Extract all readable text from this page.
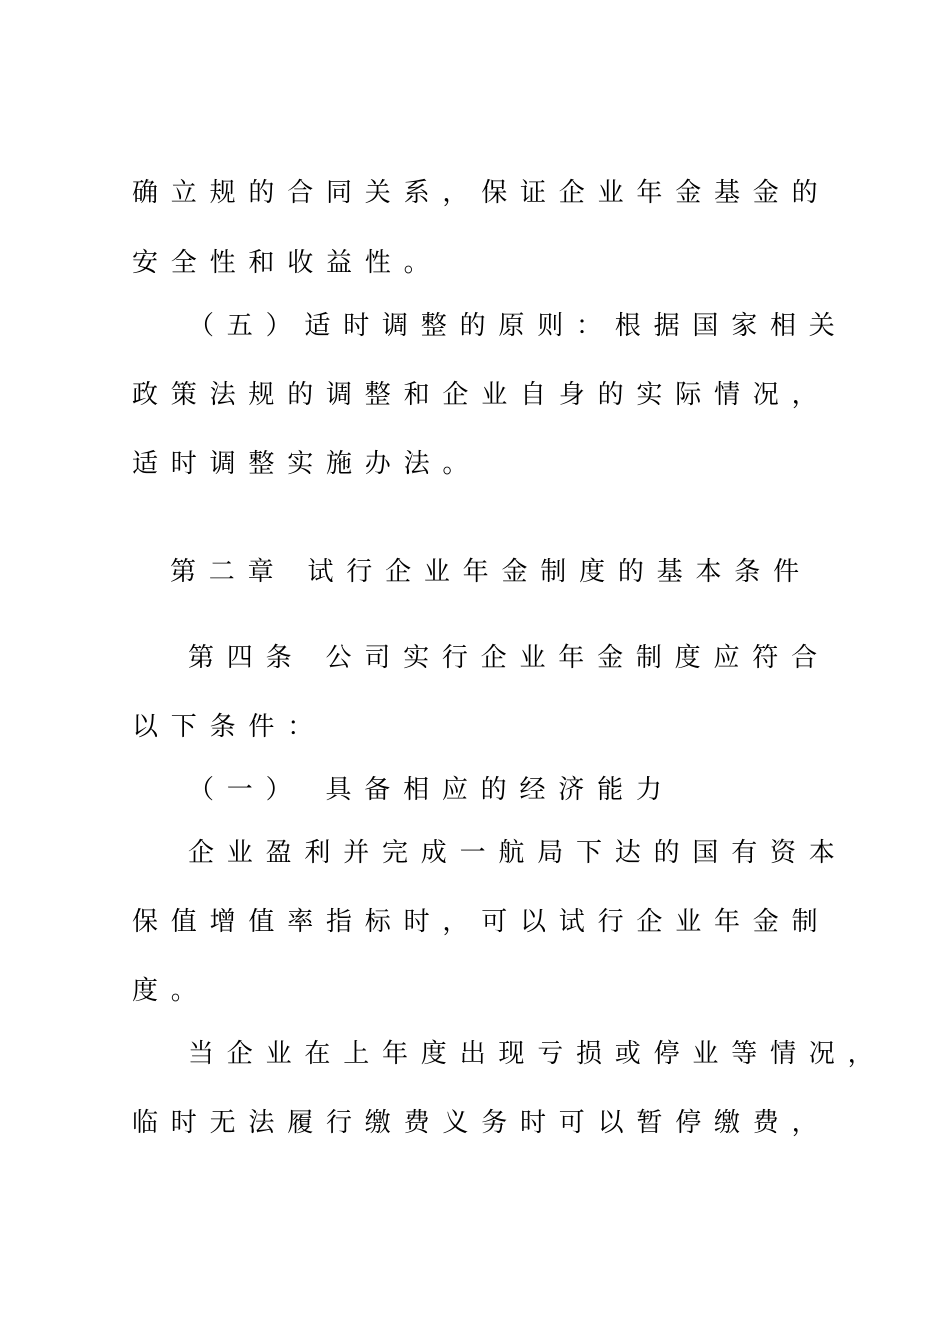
确立规的合同关系，保证企业年金基金的
安全性和收益性。
（五）适时调整的原则：根据国家相关
政策法规的调整和企业自身的实际情况，
适时调整实施办法。
第二章 试行企业年金制度的基本条件
第四条 公司实行企业年金制度应符合
以下条件：
（一） 具备相应的经济能力
企业盈利并完成一航局下达的国有资本
保值增值率指标时，可以试行企业年金制
度。
当企业在上年度出现亏损或停业等情况，
临时无法履行缴费义务时可以暂停缴费，
